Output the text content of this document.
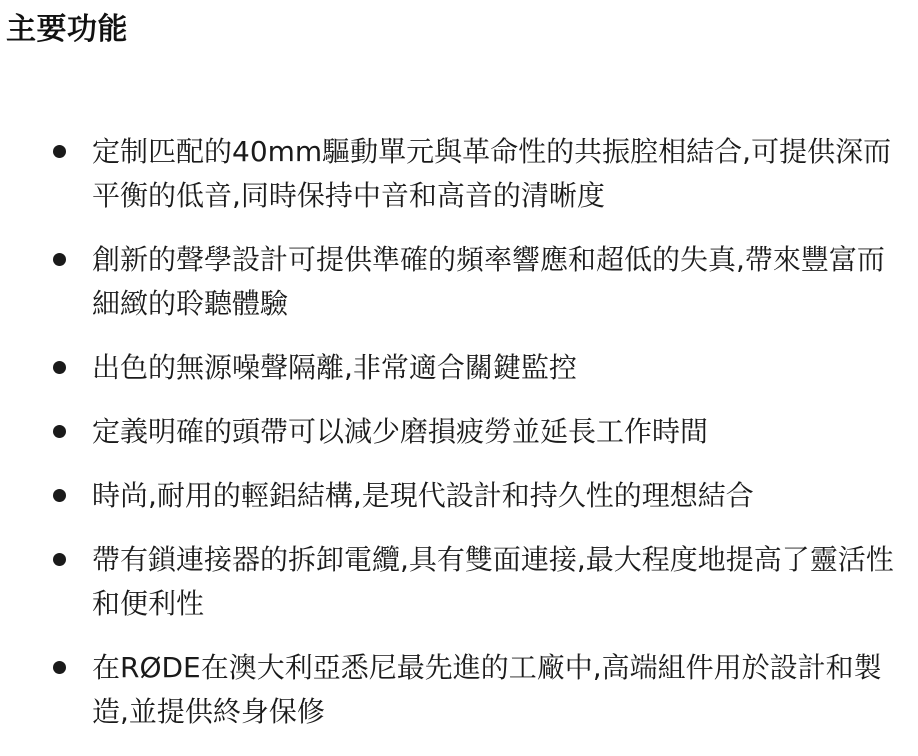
主要功能
定制匹配的40mm驅動單元與革命性的共振腔相結合,可提供深而平衡的低音,同時保持中音和高音的清晰度
創新的聲學設計可提供準確的頻率響應和超低的失真,帶來豐富而細緻的聆聽體驗
出色的無源噪聲隔離,非常適合關鍵監控
定義明確的頭帶可以減少磨損疲勞並延長工作時間
時尚,耐用的輕鋁結構,是現代設計和持久性的理想結合
帶有鎖連接器的拆卸電纜,具有雙面連接,最大程度地提高了靈活性和便利性
在RØDE在澳大利亞悉尼最先進的工廠中,高端組件用於設計和製造,並提供終身保修
